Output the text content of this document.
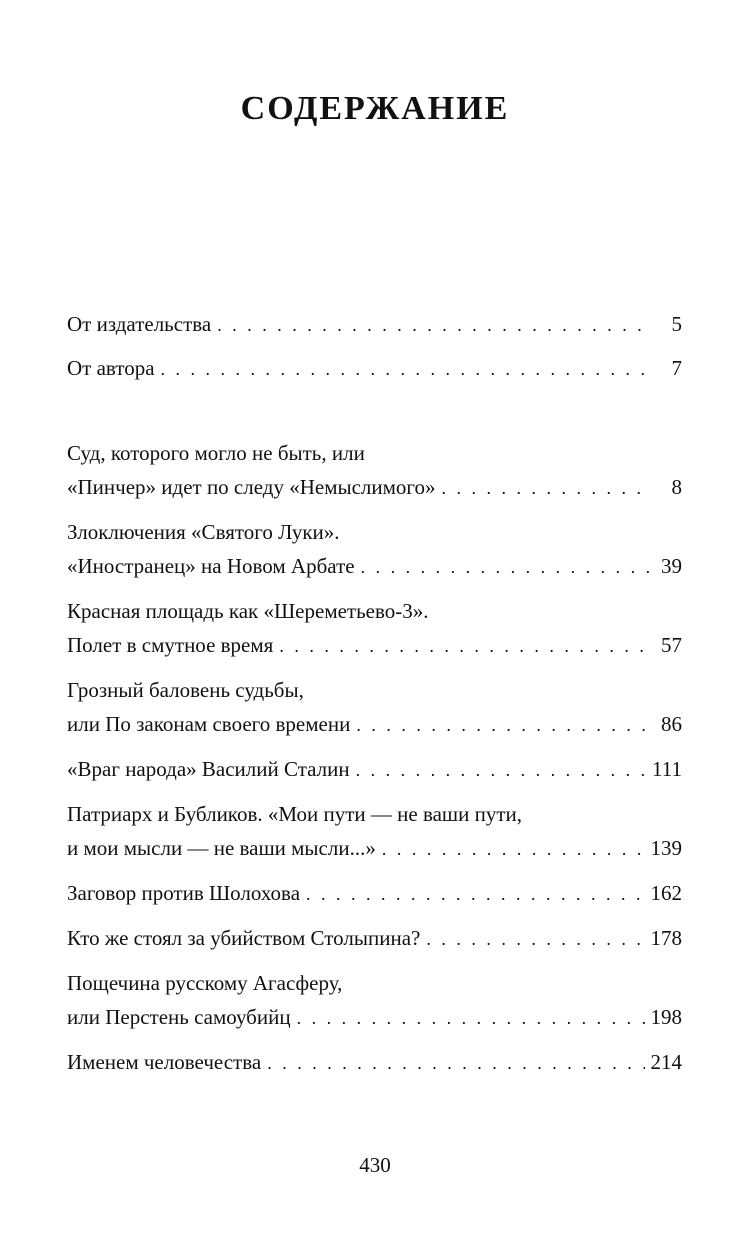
СОДЕРЖАНИЕ
От издательства . . .	5
От автора . . .	7
Суд, которого могло не быть, или
«Пинчер» идет по следу «Немыслимого» . . .	8
Злоключения «Святого Луки».
«Иностранец» на Новом Арбате . . .	39
Красная площадь как «Шереметьево-3».
Полет в смутное время . . .	57
Грозный баловень судьбы,
или По законам своего времени . . .	86
«Враг народа» Василий Сталин . . .	111
Патриарх и Бубликов. «Мои пути — не ваши пути,
и мои мысли — не ваши мысли...» . . .	139
Заговор против Шолохова . . .	162
Кто же стоял за убийством Столыпина? . . .	178
Пощечина русскому Агасферу,
или Перстень самоубийц . . .	198
Именем человечества . . .	214
430
